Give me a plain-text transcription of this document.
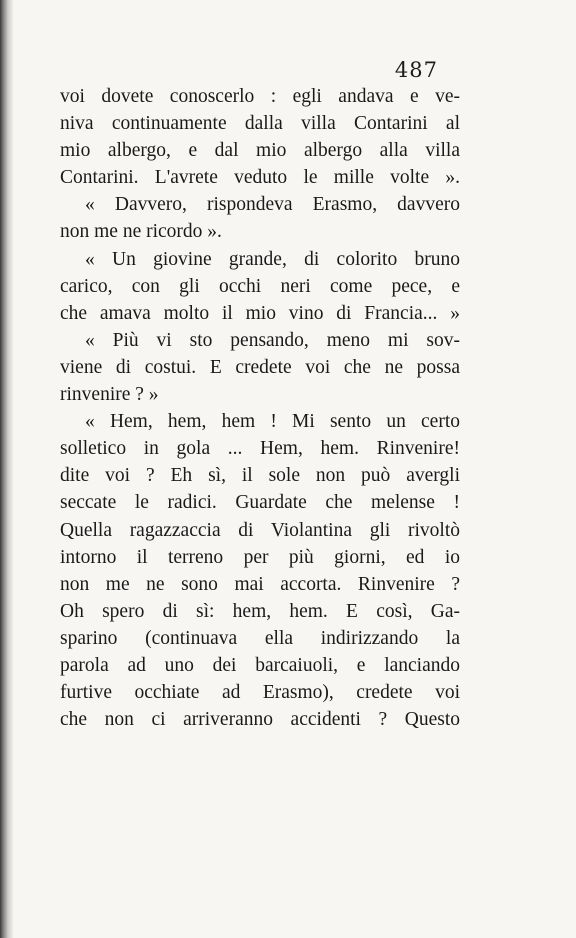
487
voi dovete conoscerlo : egli andava e ve-
niva continuamente dalla villa Contarini al
mio albergo, e dal mio albergo alla villa
Contarini. L'avrete veduto le mille volte ».
« Davvero, rispondeva Erasmo, davvero
non me ne ricordo ».
« Un giovine grande, di colorito bruno
carico, con gli occhi neri come pece, e
che amava molto il mio vino di Francia... »
« Più vi sto pensando, meno mi sov-
viene di costui. E credete voi che ne possa
rinvenire ? »
« Hem, hem, hem ! Mi sento un certo
solletico in gola ... Hem, hem. Rinvenire!
dite voi ? Eh sì, il sole non può avergli
seccate le radici. Guardate che melense !
Quella ragazzaccia di Violantina gli rivoltò
intorno il terreno per più giorni, ed io
non me ne sono mai accorta. Rinvenire ?
Oh spero di sì: hem, hem. E così, Ga-
sparino (continuava ella indirizzando la
parola ad uno dei barcaiuoli, e lanciando
furtive occhiate ad Erasmo), credete voi
che non ci arriveranno accidenti ? Questo
